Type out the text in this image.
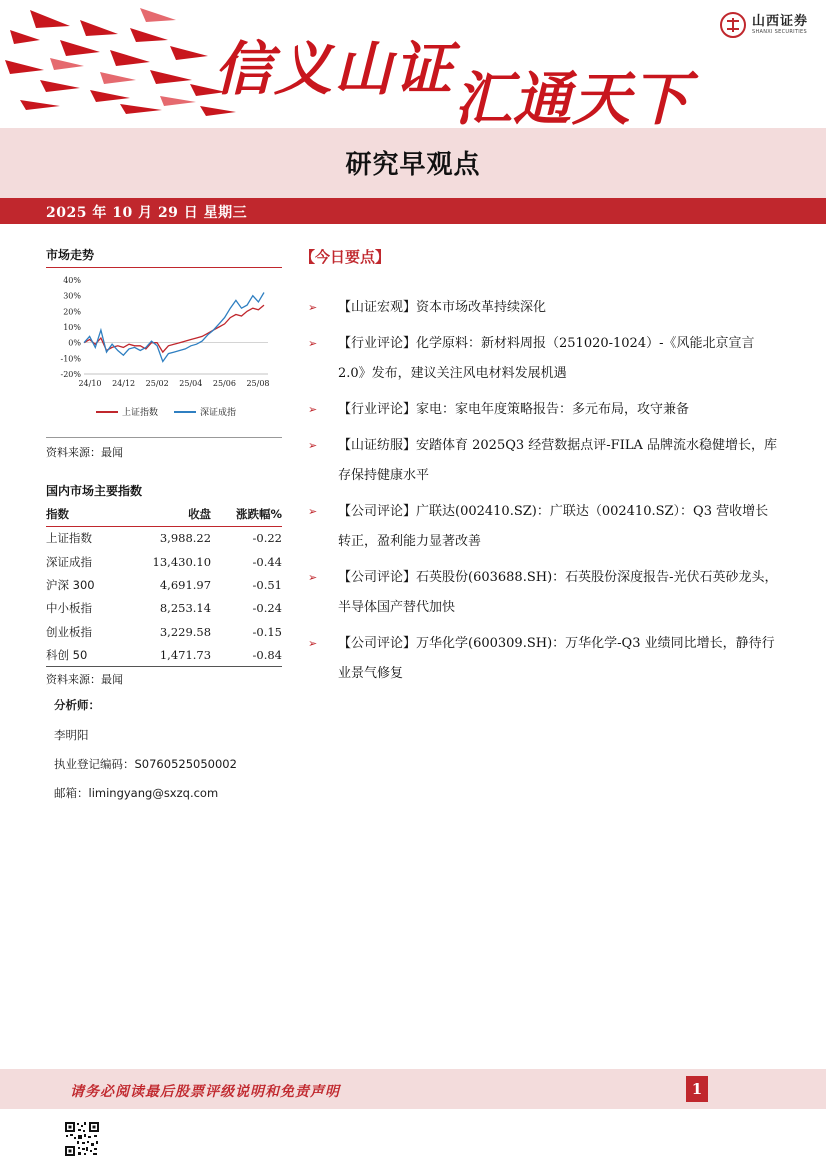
信义山证 汇通天下
山西证券
SHANXI SECURITIES
研究早观点
2025 年 10 月 29 日 星期三
市场走势
40%
30%
20%
10%
0%
-10%
-20%
24/10 24/12 25/02 25/04 25/06 25/08
上证指数	深证成指
资料来源：最闻
国内市场主要指数
指数	收盘	涨跌幅%
上证指数	3,988.22	-0.22
深证成指	13,430.10	-0.44
沪深 300	4,691.97	-0.51
中小板指	8,253.14	-0.24
创业板指	3,229.58	-0.15
科创 50	1,471.73	-0.84
资料来源：最闻
分析师：
李明阳
执业登记编码：S0760525050002
邮箱：limingyang@sxzq.com
【今日要点】
➢ 【山证宏观】资本市场改革持续深化
➢ 【行业评论】化学原料：新材料周报（251020-1024）-《风能北京宣言 2.0》发布，建议关注风电材料发展机遇
➢ 【行业评论】家电：家电年度策略报告：多元布局，攻守兼备
➢ 【山证纺服】安踏体育 2025Q3 经营数据点评-FILA 品牌流水稳健增长，库存保持健康水平
➢ 【公司评论】广联达(002410.SZ)：广联达（002410.SZ）：Q3 营收增长转正，盈利能力显著改善
➢ 【公司评论】石英股份(603688.SH)：石英股份深度报告-光伏石英砂龙头，半导体国产替代加快
➢ 【公司评论】万华化学(600309.SH)：万华化学-Q3 业绩同比增长，静待行业景气修复
请务必阅读最后股票评级说明和免责声明	1
